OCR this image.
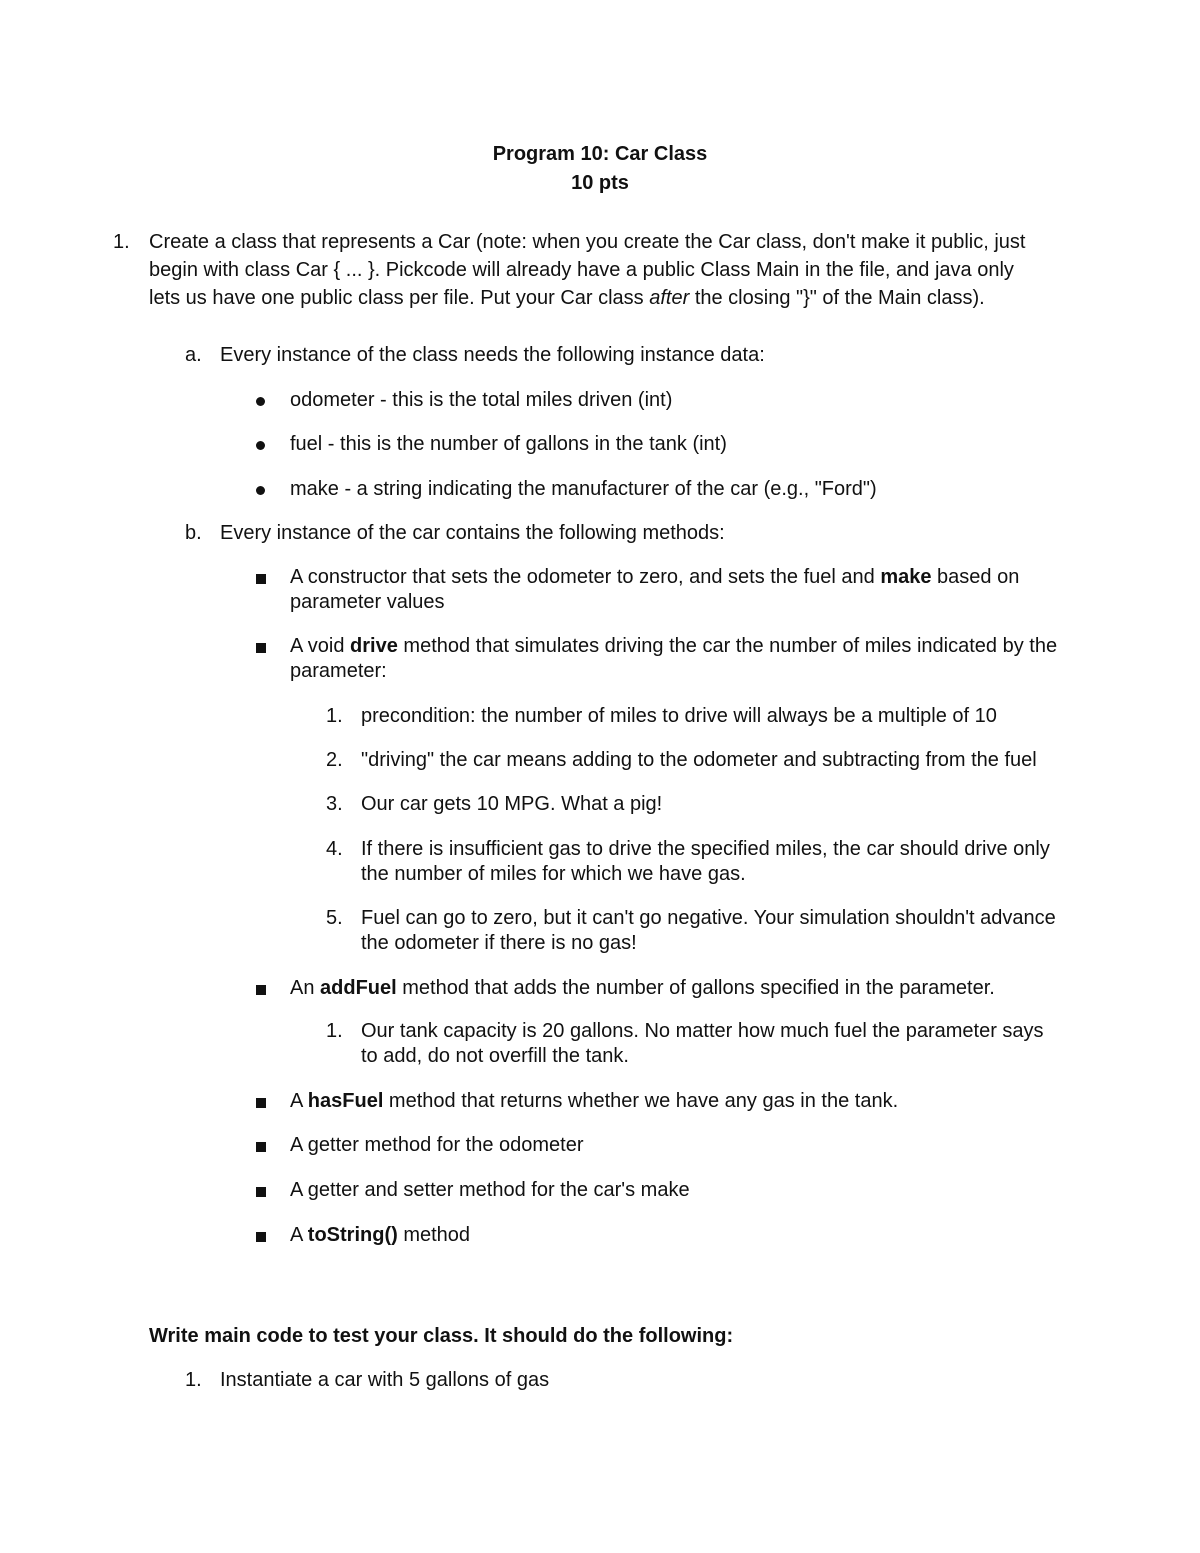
Program 10: Car Class
10 pts
1. Create a class that represents a Car (note: when you create the Car class, don't make it public, just
begin with class Car { ... }. Pickcode will already have a public Class Main in the file, and java only
lets us have one public class per file. Put your Car class after the closing "}" of the Main class).
a. Every instance of the class needs the following instance data:
odometer - this is the total miles driven (int)
fuel - this is the number of gallons in the tank (int)
make - a string indicating the manufacturer of the car (e.g., "Ford")
b. Every instance of the car contains the following methods:
A constructor that sets the odometer to zero, and sets the fuel and make based on
parameter values
A void drive method that simulates driving the car the number of miles indicated by the
parameter:
1. precondition: the number of miles to drive will always be a multiple of 10
2. "driving" the car means adding to the odometer and subtracting from the fuel
3. Our car gets 10 MPG. What a pig!
4. If there is insufficient gas to drive the specified miles, the car should drive only
the number of miles for which we have gas.
5. Fuel can go to zero, but it can't go negative. Your simulation shouldn't advance
the odometer if there is no gas!
An addFuel method that adds the number of gallons specified in the parameter.
1. Our tank capacity is 20 gallons. No matter how much fuel the parameter says
to add, do not overfill the tank.
A hasFuel method that returns whether we have any gas in the tank.
A getter method for the odometer
A getter and setter method for the car's make
A toString() method
Write main code to test your class. It should do the following:
1. Instantiate a car with 5 gallons of gas
